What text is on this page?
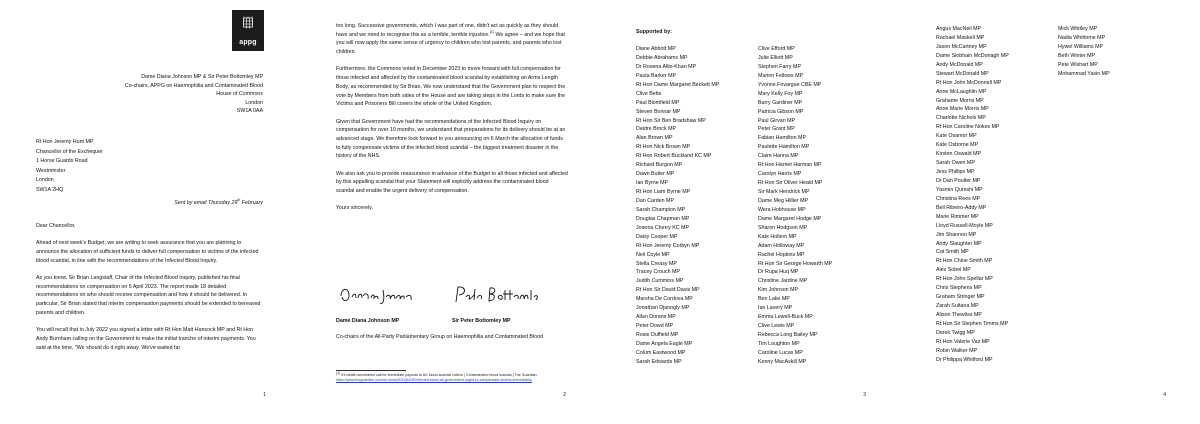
appg
Dame Diana Johnson MP & Sir Peter Bottomley MP
Co-chairs, APPG on Haemophilia and Contaminated Blood
House of Commons
London
SW1A 0AA
Rt Hon Jeremy Hunt MP
Chancellor of the Exchequer
1 Horse Guards Road
Westminster
London
SW1A 2HQ
Sent by email Thursday 29th February

Dear Chancellor,

Ahead of next week's Budget, we are writing to seek assurance that you are planning to announce the allocation of sufficient funds to deliver full compensation to victims of the infected blood scandal, in line with the recommendations of the Infected Blood Inquiry.

As you know, Sir Brian Langstaff, Chair of the Infected Blood Inquiry, published his final recommendations on compensation on 5 April 2023. The report made 18 detailed recommendations on who should receive compensation and how it should be delivered. In particular, Sir Brian stated that interim compensation payments should be extended to bereaved parents and children.

You will recall that in July 2022 you signed a letter with Rt Hon Matt Hancock MP and Rt Hon Andy Burnham calling on the Government to make the initial tranche of interim payments. You said at the time, "We should do it right away. We've waited far

1

too long. Successive governments, which I was part of one, didn't act as quickly as they should have and we need to recognise this as a terrible, terrible injustice.$^{(1)}$ We agree – and we hope that you will now apply the same sense of urgency to children who lost parents, and parents who lost children.

Furthermore, the Commons voted in December 2023 to move forward with full compensation for those infected and affected by the contaminated blood scandal by establishing an Arms Length Body, as recommended by Sir Brian. We now understand that the Government plan to respect the vote by Members from both sides of the House and are taking steps in the Lords to make sure the Victims and Prisoners Bill covers the whole of the United Kingdom.

Given that Government have had the recommendations of the Infected Blood Inquiry on compensation for over 10 months, we understand that preparations for its delivery should be at an advanced stage. We therefore look forward to you announcing on 6 March the allocation of funds to fully compensate victims of the infected blood scandal – the biggest treatment disaster in the history of the NHS.

We also ask you to provide reassurance in advance of the Budget to all those infected and affected by this appalling scandal that your Statement will explicitly address the contaminated blood scandal and enable the urgent delivery of compensation.

Yours sincerely,

Dame Diana Johnson MP	Sir Peter Bottomley MP
Co-chairs of the All-Party Parliamentary Group on Haemophilia and Contaminated Blood
$^{(1)}$ Ex-health secretaries call for immediate payouts to UK blood-scandal victims | Contaminated blood scandal | The Guardian, https://www.theguardian.com/uk-news/2022/jul/30/infected-blood-uk-government-urged-to-compensate-victims-immediately
2
Supported by:
Diane Abbott MP
Debbie Abrahams MP
Dr Rosena Allin-Khan MP
Paula Barker MP
Rt Hon Dame Margaret Beckett MP
Clive Betts
Paul Blomfield MP
Steven Bonnar MP
Rt Hon Sir Ben Bradshaw MP
Deidre Brock MP
Alan Brown MP
Rt Hon Nick Brown MP
Rt Hon Robert Buckland KC MP
Richard Burgon MP
Dawn Butler MP
Ian Byrne MP
Rt Hon Liam Byrne MP
Dan Carden MP
Sarah Champion MP
Douglas Chapman MP
Joanna Cherry KC MP
Daisy Cooper MP
Rt Hon Jeremy Corbyn MP
Neil Coyle MP
Stella Creasy MP
Tracey Crouch MP
Judith Cummins MP
Rt Hon Sir David Davis MP
Marsha De Cordova MP
Jonathan Djanogly MP
Allan Dorans MP
Peter Dowd MP
Rosie Duffield MP
Dame Angela Eagle MP
Colum Eastwood MP
Sarah Edwards MP
Clive Efford MP
Julie Elliott MP
Stephen Farry MP
Marion Fellows MP
Yvonne Fovargue CBE MP
Mary Kelly Foy MP
Barry Gardiner MP
Patricia Gibson MP
Paul Girvan MP
Peter Grant MP
Fabian Hamilton MP
Paulette Hamilton MP
Claire Hanna MP
Rt Hon Harriet Harman MP
Carolyn Harris MP
Rt Hon Sir Oliver Heald MP
Sir Mark Hendrick MP
Dame Meg Hillier MP
Wera Hobhouse MP
Dame Margaret Hodge MP
Sharon Hodgson MP
Kate Hollern MP
Adam Holloway MP
Rachel Hopkins MP
Rt Hon Sir George Howarth MP
Dr Rupa Huq MP
Christine Jardine MP
Kim Johnson MP
Ben Lake MP
Ian Lavery MP
Emma Lewell-Buck MP
Clive Lewis MP
Rebecca Long Bailey MP
Tim Loughton MP
Caroline Lucas MP
Kenny MacAskill MP
3
Angus MacNeil MP
Rachael Maskell MP
Jason McCartney MP
Dame Siobhain McDonagh MP
Andy McDonald MP
Stewart McDonald MP
Rt Hon John McDonnell MP
Anne McLaughlin MP
Grahame Morris MP
Anne Marie Morris MP
Charlotte Nichols MP
Rt Hon Caroline Nokes MP
Kate Osamor MP
Kate Osborne MP
Kirsten Oswald MP
Sarah Owen MP
Jess Phillips MP
Dr Dan Poulter MP
Yasmin Qureshi MP
Christina Rees MP
Bell Ribeiro-Addy MP
Marie Rimmer MP
Lloyd Russell-Moyle MP
Jim Shannon MP
Andy Slaughter MP
Cat Smith MP
Rt Hon Chloe Smith MP
Alex Sobel MP
Rt Hon John Spellar MP
Chris Stephens MP
Graham Stringer MP
Zarah Sultana MP
Alison Thewliss MP
Rt Hon Sir Stephen Timms MP
Derek Twigg MP
Rt Hon Valerie Vaz MP
Robin Walker MP
Dr Philippa Whitford MP
Mick Whitley MP
Nadia Whittome MP
Hywel Williams MP
Beth Winter MP
Pete Wishart MP
Mohammad Yasin MP
4
